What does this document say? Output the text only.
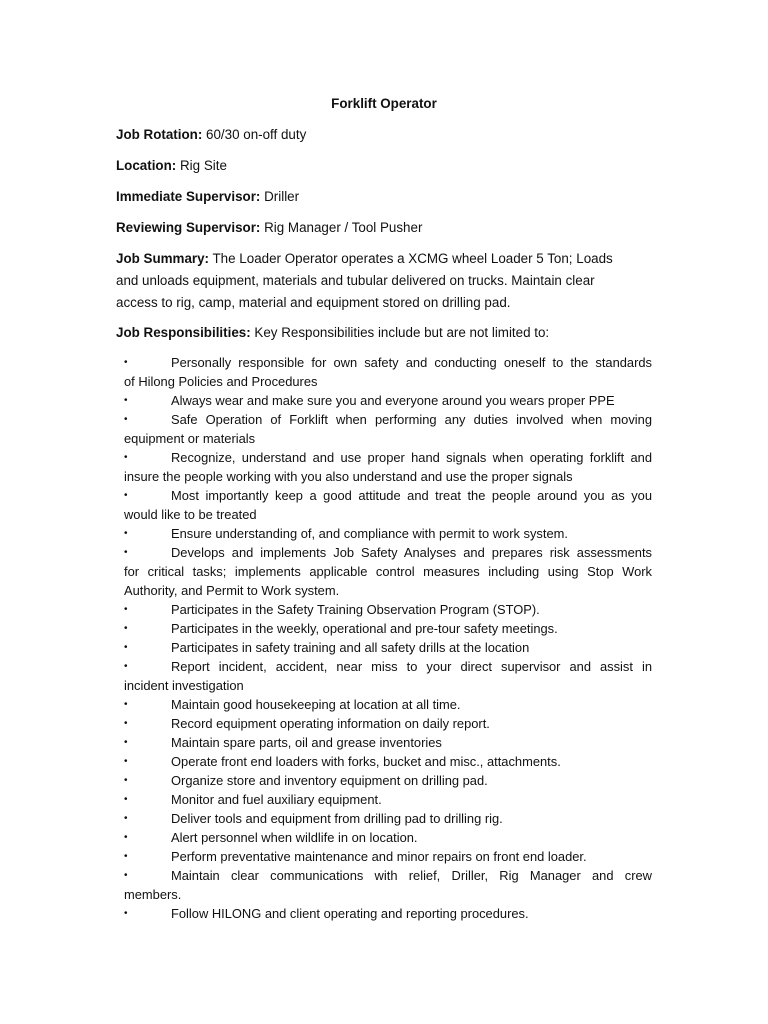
Forklift Operator
Job Rotation: 60/30 on-off duty
Location: Rig Site
Immediate Supervisor: Driller
Reviewing Supervisor: Rig Manager / Tool Pusher
Job Summary: The Loader Operator operates a XCMG wheel Loader 5 Ton; Loads
and unloads equipment, materials and tubular delivered on trucks. Maintain clear
access to rig, camp, material and equipment stored on drilling pad.
Job Responsibilities: Key Responsibilities include but are not limited to:
•	Personally responsible for own safety and conducting oneself to the standards
of Hilong Policies and Procedures
•	Always wear and make sure you and everyone around you wears proper PPE
•	Safe Operation of Forklift when performing any duties involved when moving
equipment or materials
•	Recognize, understand and use proper hand signals when operating forklift and
insure the people working with you also understand and use the proper signals
•	Most importantly keep a good attitude and treat the people around you as you
would like to be treated
•	Ensure understanding of, and compliance with permit to work system.
•	Develops and implements Job Safety Analyses and prepares risk assessments
for critical tasks; implements applicable control measures including using Stop Work
Authority, and Permit to Work system.
•	Participates in the Safety Training Observation Program (STOP).
•	Participates in the weekly, operational and pre-tour safety meetings.
•	Participates in safety training and all safety drills at the location
•	Report incident, accident, near miss to your direct supervisor and assist in
incident investigation
•	Maintain good housekeeping at location at all time.
•	Record equipment operating information on daily report.
•	Maintain spare parts, oil and grease inventories
•	Operate front end loaders with forks, bucket and misc., attachments.
•	Organize store and inventory equipment on drilling pad.
•	Monitor and fuel auxiliary equipment.
•	Deliver tools and equipment from drilling pad to drilling rig.
•	Alert personnel when wildlife in on location.
•	Perform preventative maintenance and minor repairs on front end loader.
•	Maintain clear communications with relief, Driller, Rig Manager and crew
members.
•	Follow HILONG and client operating and reporting procedures.
